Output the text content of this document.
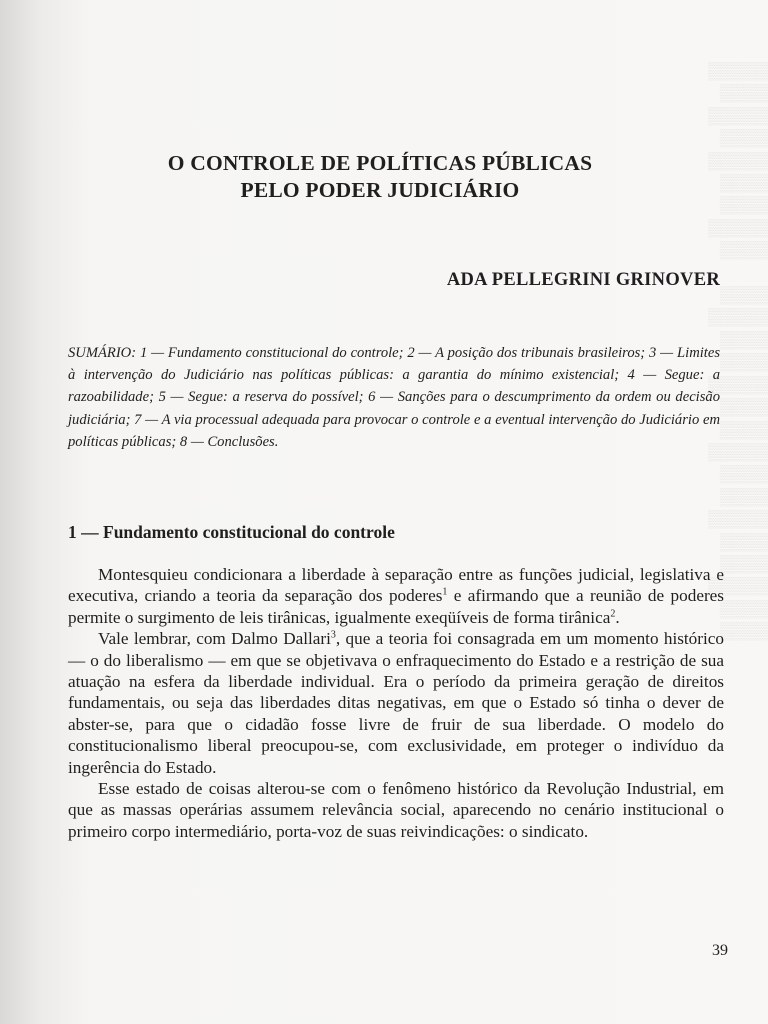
▒▒▒▒▒
▒▒▒▒
▒▒▒▒▒
▒▒▒▒
▒▒▒▒▒
▒▒▒▒
▒▒▒▒
▒▒▒▒▒
▒▒▒▒

▒▒▒▒
▒▒▒▒▒
▒▒▒▒
▒▒▒▒
▒▒▒▒▒
▒▒▒▒
▒▒▒▒
▒▒▒▒▒
▒▒▒▒
▒▒▒▒
▒▒▒▒▒
▒▒▒▒
▒▒▒▒
▒▒▒▒▒
▒▒▒▒
▒▒▒▒
O CONTROLE DE POLÍTICAS PÚBLICAS
PELO PODER JUDICIÁRIO
ADA PELLEGRINI GRINOVER
SUMÁRIO: 1 — Fundamento constitucional do controle; 2 — A posição dos tribunais brasileiros; 3 — Limites à intervenção do Judiciário nas políticas públicas: a garantia do mínimo existencial; 4 — Segue: a razoabilidade; 5 — Segue: a reserva do possível; 6 — Sanções para o descumprimento da ordem ou decisão judiciária; 7 — A via processual adequada para provocar o controle e a eventual intervenção do Judiciário em políticas públicas; 8 — Conclusões.
1 — Fundamento constitucional do controle

Montesquieu condicionara a liberdade à separação entre as funções judicial, legislativa e executiva, criando a teoria da separação dos poderes$^1$ e afirmando que a reunião de poderes permite o surgimento de leis tirânicas, igualmente exeqüíveis de forma tirânica$^2$.

Vale lembrar, com Dalmo Dallari$^3$, que a teoria foi consagrada em um momento histórico — o do liberalismo — em que se objetivava o enfraquecimento do Estado e a restrição de sua atuação na esfera da liberdade individual. Era o período da primeira geração de direitos fundamentais, ou seja das liberdades ditas negativas, em que o Estado só tinha o dever de abster-se, para que o cidadão fosse livre de fruir de sua liberdade. O modelo do constitucionalismo liberal preocupou-se, com exclusividade, em proteger o indivíduo da ingerência do Estado.

Esse estado de coisas alterou-se com o fenômeno histórico da Revolução Industrial, em que as massas operárias assumem relevância social, aparecendo no cenário institucional o primeiro corpo intermediário, porta-voz de suas reivindicações: o sindicato.

39
